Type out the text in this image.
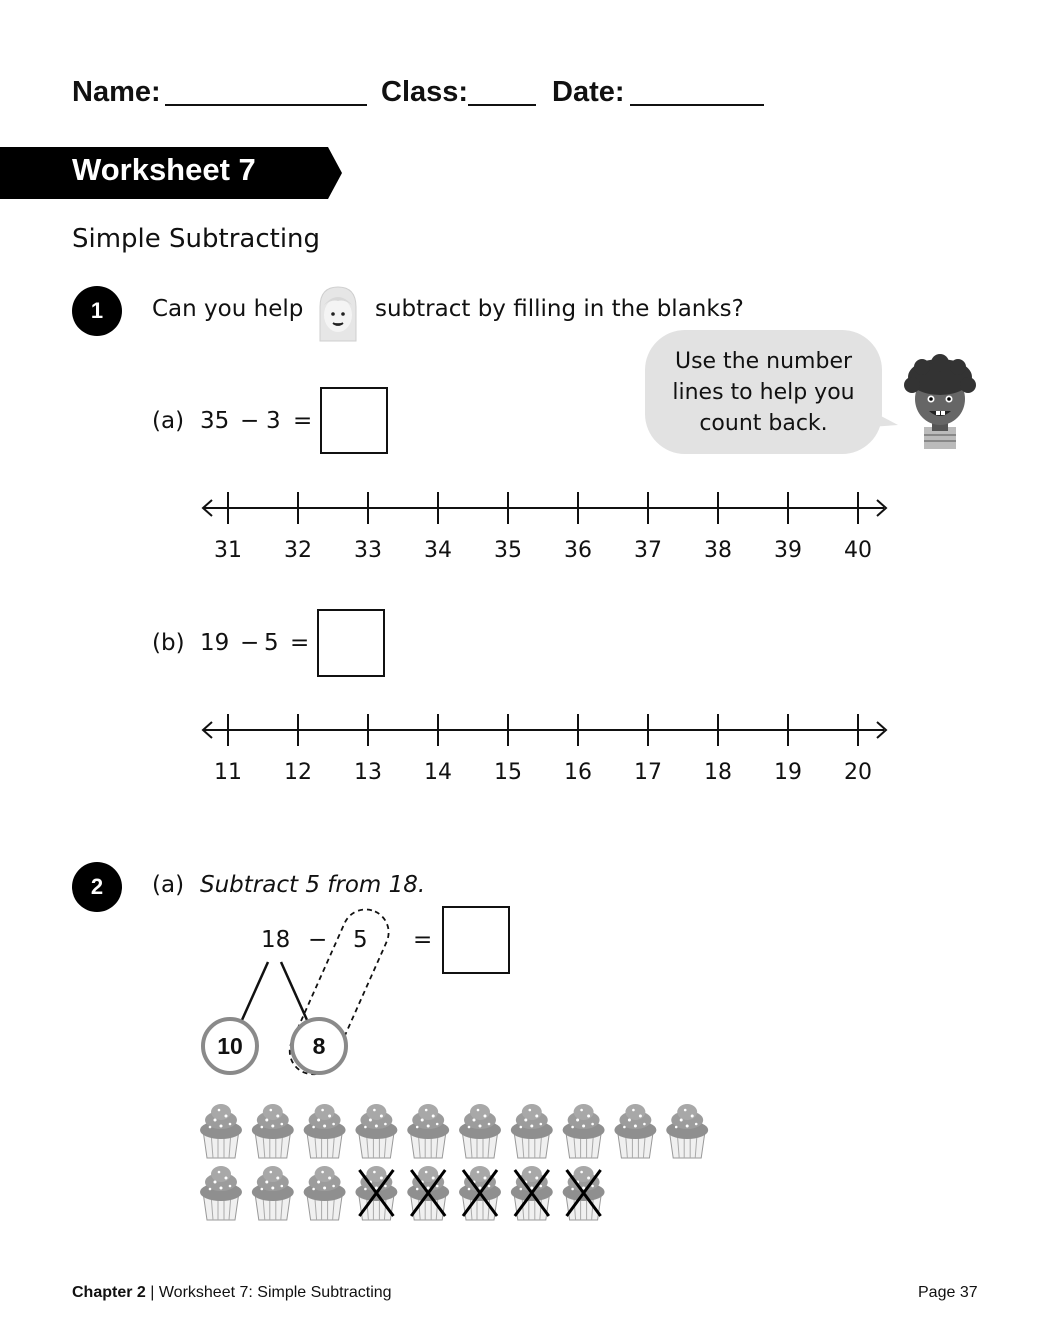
Name:	Class:	Date:
Worksheet 7
Simple Subtracting
1	Can you help	subtract by filling in the blanks?
Use the number
lines to help you
count back.
(a) 35 − 3 =
31	32	33	34	35	36	37	38	39	40
(b) 19 − 5 =
11	12	13	14	15	16	17	18	19	20
2	(a) Subtract 5 from 18.
18 − 5 =
10	8
Chapter 2 | Worksheet 7: Simple Subtracting	Page 37
